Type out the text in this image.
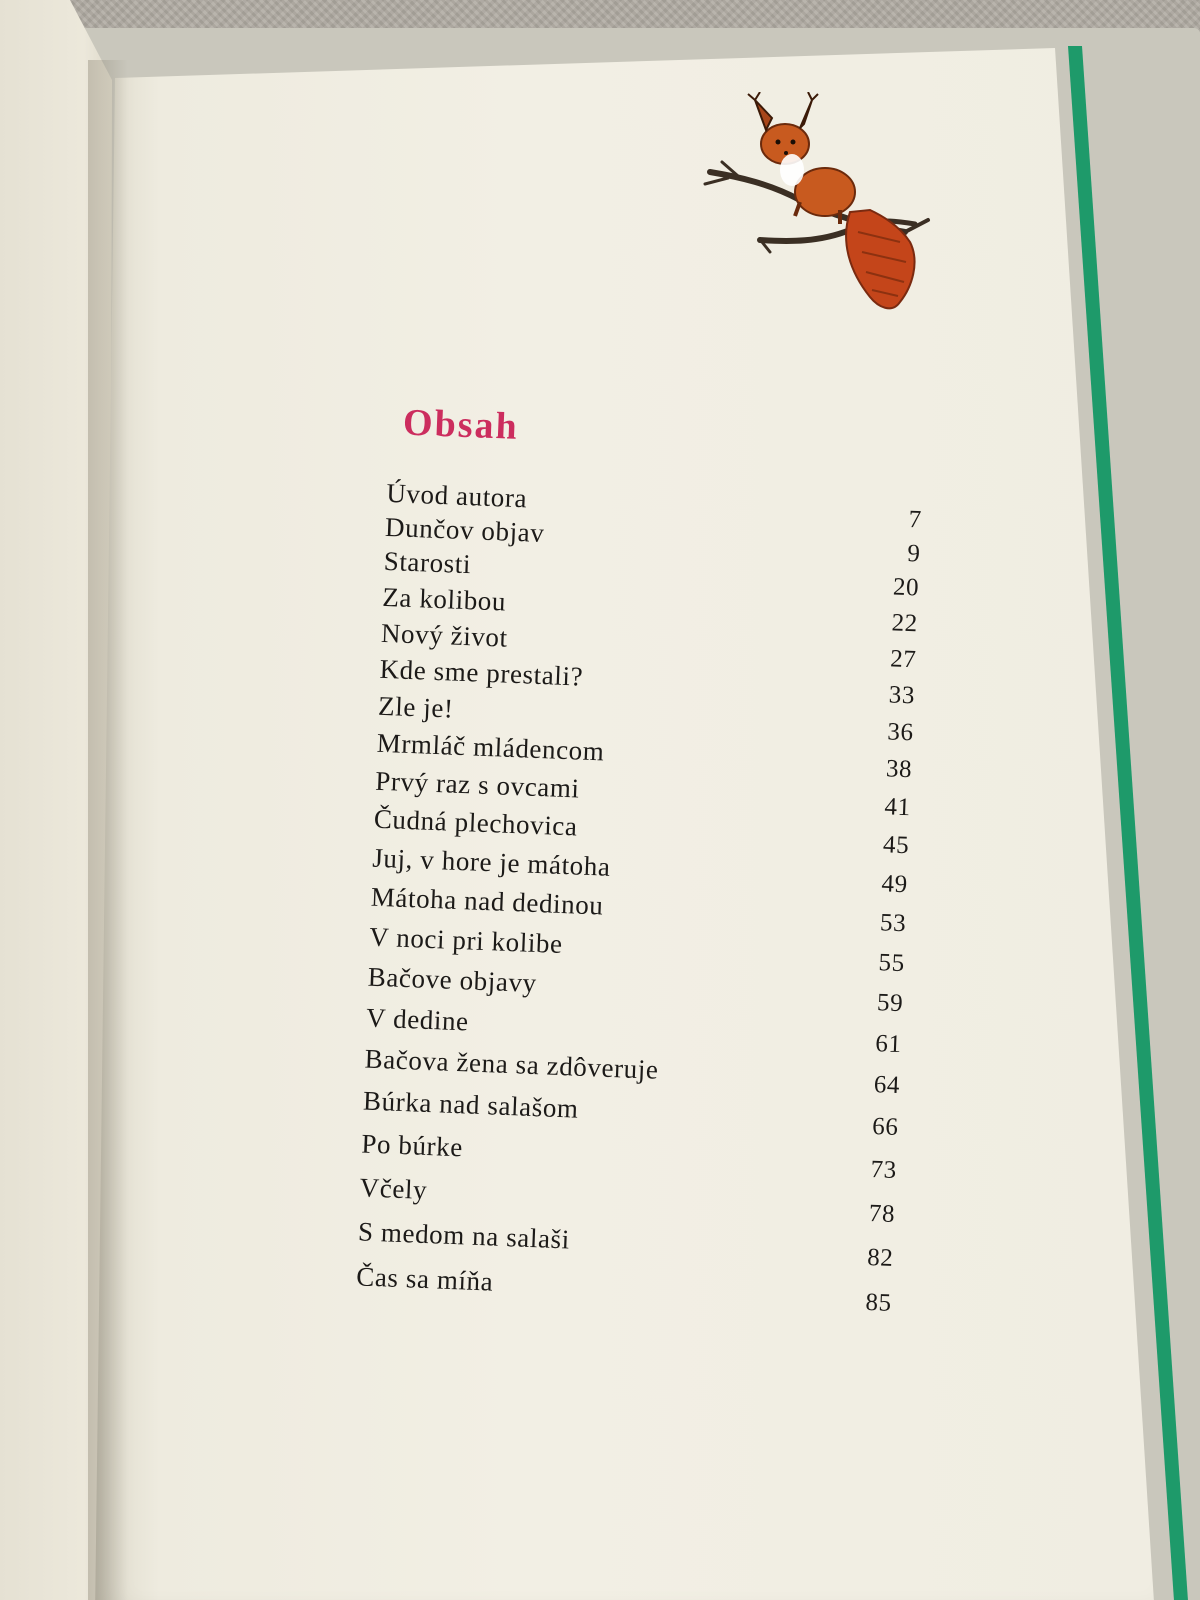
Obsah
Úvod autora
7
Dunčov objav
9
Starosti
20
Za kolibou
22
Nový život
27
Kde sme prestali?
33
Zle je!
36
Mrmláč mládencom
38
Prvý raz s ovcami
41
Čudná plechovica
45
Juj, v hore je mátoha
49
Mátoha nad dedinou
53
V noci pri kolibe
55
Bačove objavy
59
V dedine
61
Bačova žena sa zdôveruje
64
Búrka nad salašom
66
Po búrke
73
Včely
78
S medom na salaši
82
Čas sa míňa
85
